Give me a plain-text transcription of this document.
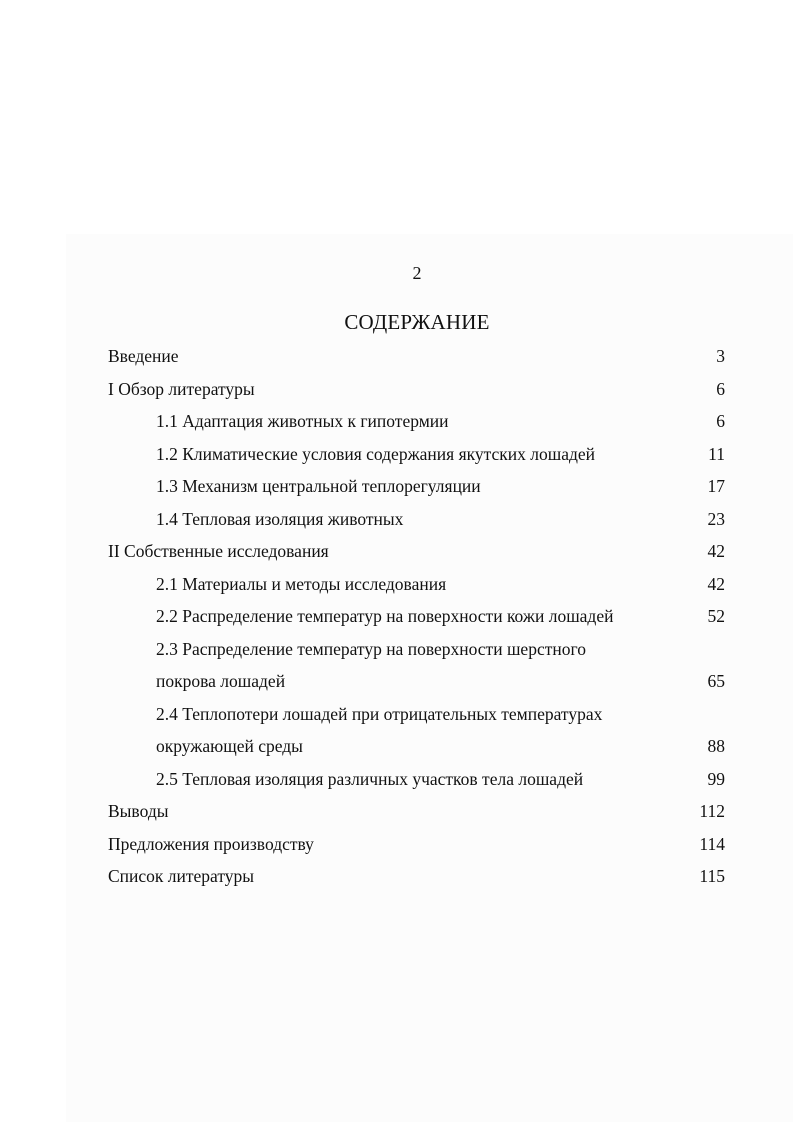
2
СОДЕРЖАНИЕ
Введение	3
I Обзор литературы	6
1.1 Адаптация животных к гипотермии	6
1.2 Климатические условия содержания якутских лошадей	11
1.3 Механизм центральной теплорегуляции	17
1.4 Тепловая изоляция животных	23
II Собственные исследования	42
2.1 Материалы и методы исследования	42
2.2 Распределение температур на поверхности кожи лошадей	52
2.3 Распределение температур на поверхности шерстного
покрова лошадей	65
2.4 Теплопотери лошадей при отрицательных температурах
окружающей среды	88
2.5 Тепловая изоляция различных участков тела лошадей	99
Выводы	112
Предложения производству	114
Список литературы	115
